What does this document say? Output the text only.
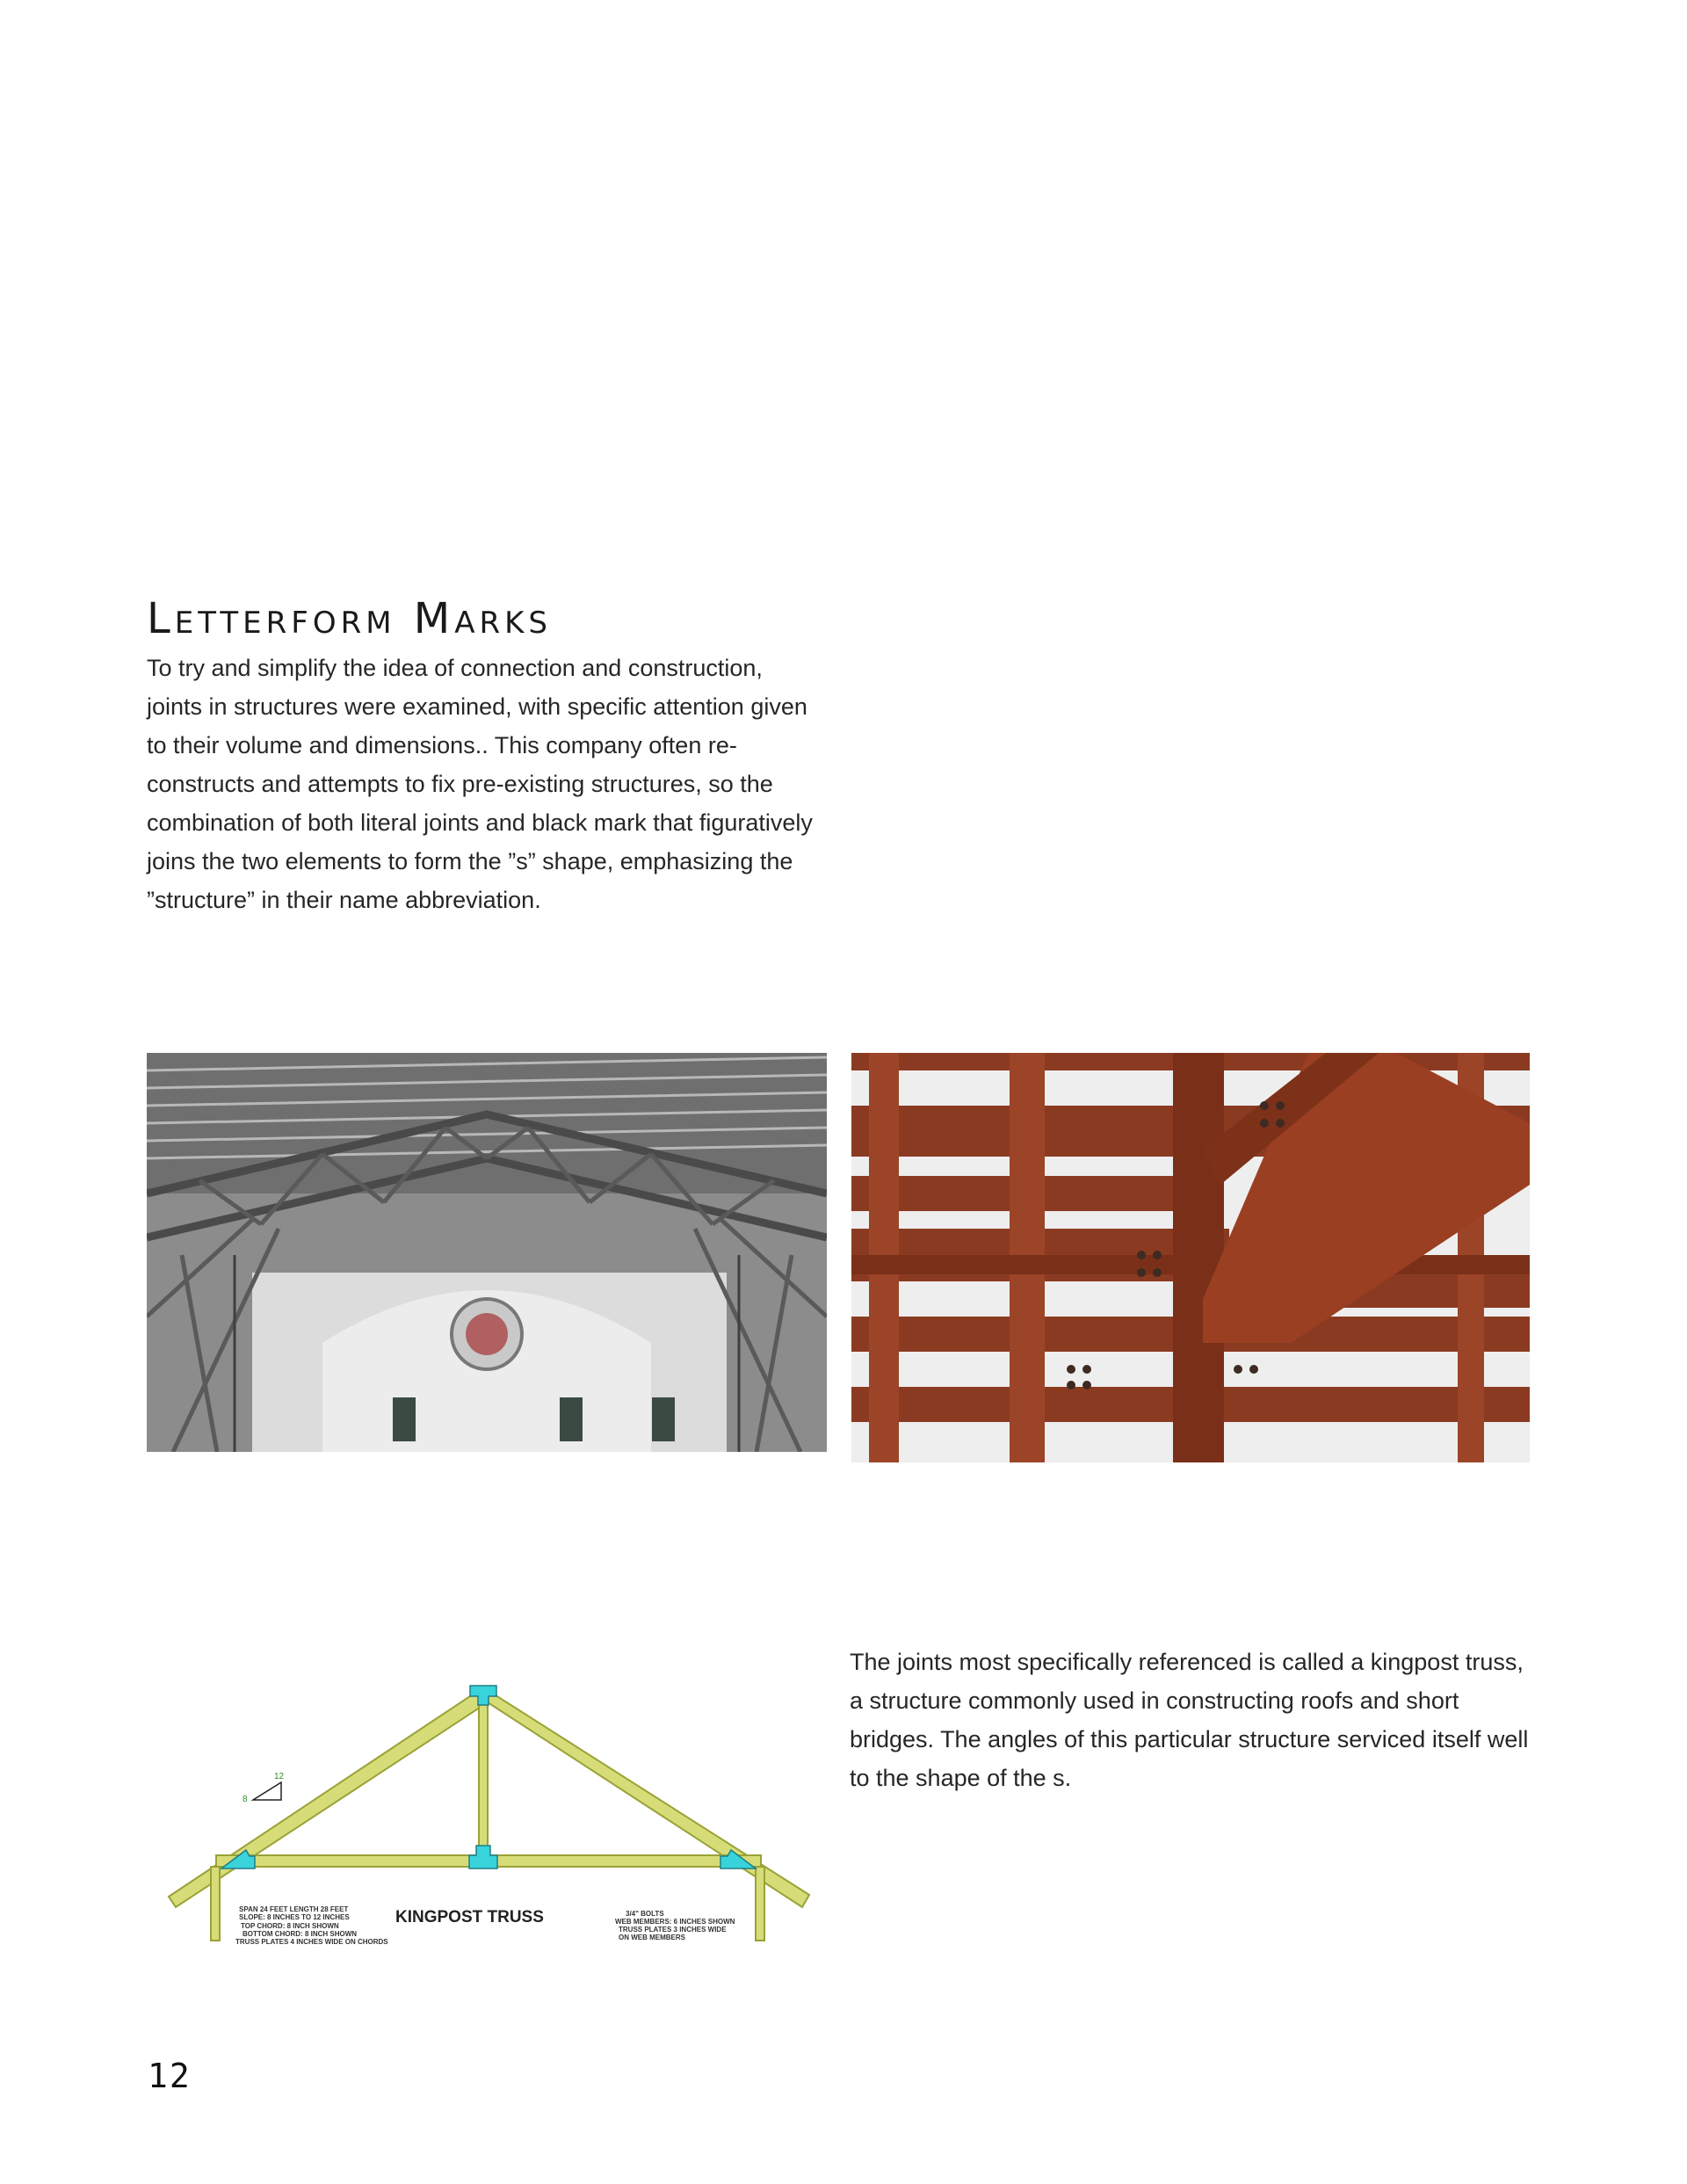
Letterform Marks

To try and simplify the idea of connection and construction, joints in structures were examined, with specific attention given to their volume and dimensions.. This company often re-constructs and attempts to fix pre-existing structures, so the combination of both literal joints and black mark that figuratively joins the two elements to form the ”s” shape, emphasizing the ”structure” in their name abbreviation.

8
12
KINGPOST TRUSS
SPAN 24 FEET LENGTH 28 FEET
SLOPE: 8 INCHES TO 12 INCHES
TOP CHORD: 8 INCH SHOWN
BOTTOM CHORD: 8 INCH SHOWN
TRUSS PLATES 4 INCHES WIDE ON CHORDS
3/4" BOLTS
WEB MEMBERS: 6 INCHES SHOWN
TRUSS PLATES 3 INCHES WIDE
ON WEB MEMBERS

The joints most specifically referenced is called a kingpost truss, a structure commonly used in constructing roofs and short bridges. The angles of this particular structure serviced itself well to the shape of the s.

12
